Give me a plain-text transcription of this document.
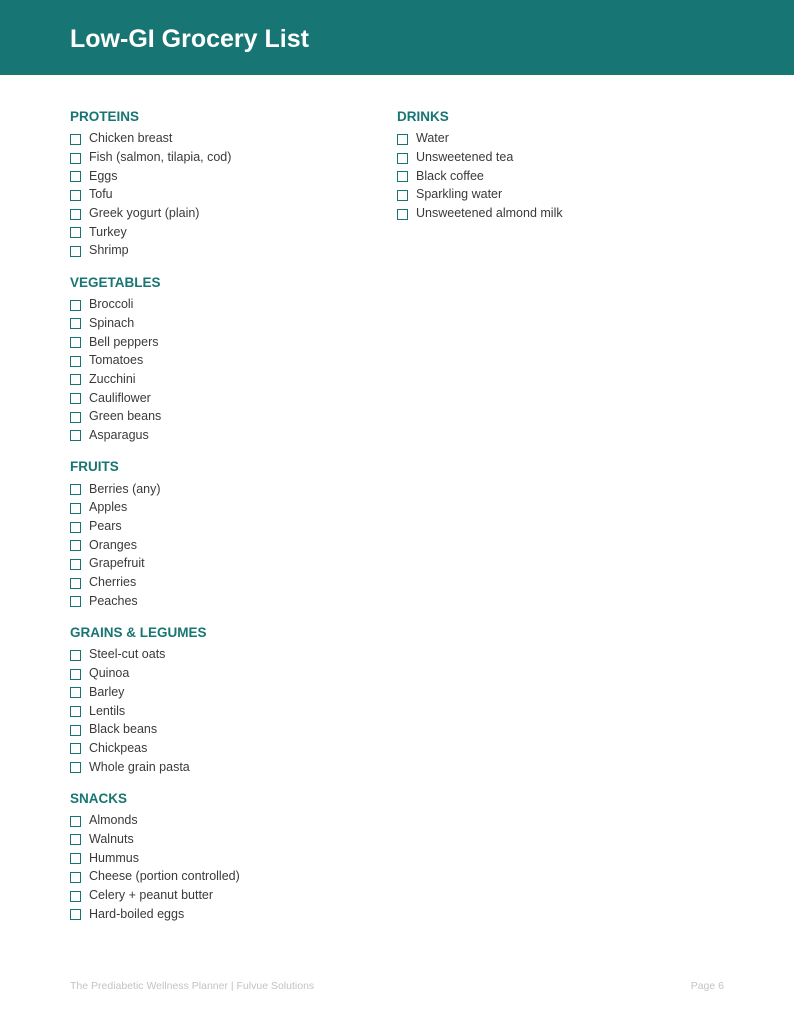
Low-GI Grocery List
PROTEINS
Chicken breast
Fish (salmon, tilapia, cod)
Eggs
Tofu
Greek yogurt (plain)
Turkey
Shrimp
VEGETABLES
Broccoli
Spinach
Bell peppers
Tomatoes
Zucchini
Cauliflower
Green beans
Asparagus
FRUITS
Berries (any)
Apples
Pears
Oranges
Grapefruit
Cherries
Peaches
GRAINS & LEGUMES
Steel-cut oats
Quinoa
Barley
Lentils
Black beans
Chickpeas
Whole grain pasta
SNACKS
Almonds
Walnuts
Hummus
Cheese (portion controlled)
Celery + peanut butter
Hard-boiled eggs
DRINKS
Water
Unsweetened tea
Black coffee
Sparkling water
Unsweetened almond milk
The Prediabetic Wellness Planner | Fulvue Solutions	Page 6
